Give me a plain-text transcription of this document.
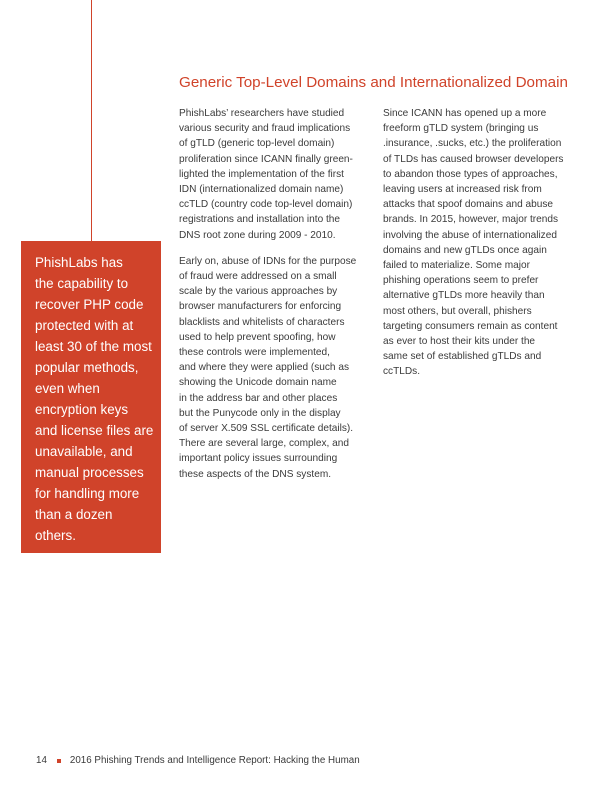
Generic Top-Level Domains and Internationalized Domain

PhishLabs’ researchers have studied
various security and fraud implications
of gTLD (generic top-level domain)
proliferation since ICANN finally green-
lighted the implementation of the first
IDN (internationalized domain name)
ccTLD (country code top-level domain)
registrations and installation into the
DNS root zone during 2009 - 2010.

Early on, abuse of IDNs for the purpose
of fraud were addressed on a small
scale by the various approaches by
browser manufacturers for enforcing
blacklists and whitelists of characters
used to help prevent spoofing, how
these controls were implemented,
and where they were applied (such as
showing the Unicode domain name
in the address bar and other places
but the Punycode only in the display
of server X.509 SSL certificate details).
There are several large, complex, and
important policy issues surrounding
these aspects of the DNS system.

Since ICANN has opened up a more
freeform gTLD system (bringing us
.insurance, .sucks, etc.) the proliferation
of TLDs has caused browser developers
to abandon those types of approaches,
leaving users at increased risk from
attacks that spoof domains and abuse
brands. In 2015, however, major trends
involving the abuse of internationalized
domains and new gTLDs once again
failed to materialize. Some major
phishing operations seem to prefer
alternative gTLDs more heavily than
most others, but overall, phishers
targeting consumers remain as content
as ever to host their kits under the
same set of established gTLDs and
ccTLDs.

PhishLabs has
the capability to
recover PHP code
protected with at
least 30 of the most
popular methods,
even when
encryption keys
and license files are
unavailable, and
manual processes
for handling more
than a dozen
others.
14 2016 Phishing Trends and Intelligence Report: Hacking the Human
